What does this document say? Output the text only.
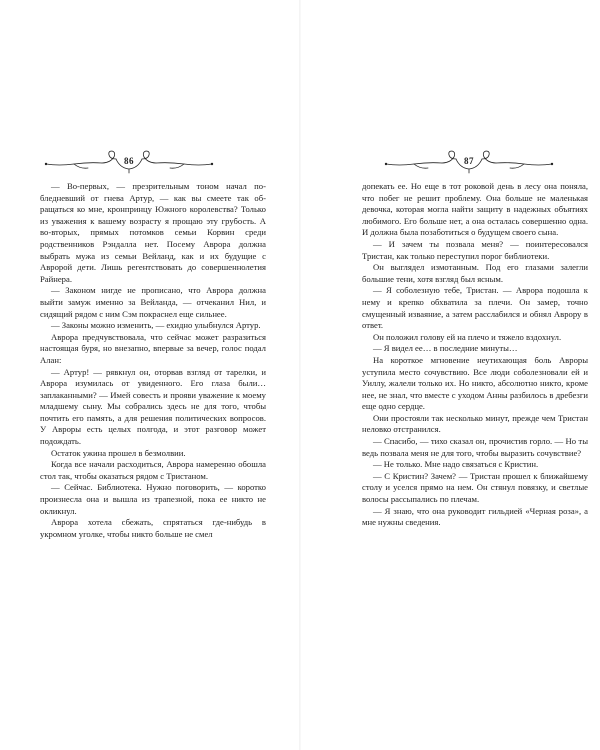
86

— Во-первых, — презрительным тоном начал побледневший от гнева Артур, — как вы смеете так обращаться ко мне, кронпринцу Южного королевства? Только из уважения к вашему возрасту я прощаю эту грубость. А во-вторых, прямых потомков семьи Корвин среди родственников Рэндалла нет. Посему Аврора должна выбрать мужа из семьи Вейланд, как и их будущие с Авророй дети. Лишь регентствовать до совершеннолетия Райнера.

— Законом нигде не прописано, что Аврора должна выйти замуж именно за Вейланда, — отчеканил Нил, и сидящий рядом с ним Сэм покраснел еще сильнее.

— Законы можно изменить, — ехидно улыбнулся Артур.

Аврора предчувствовала, что сейчас может разразиться настоящая буря, но внезапно, впервые за вечер, голос подал Алан:

— Артур! — рявкнул он, оторвав взгляд от тарелки, и Аврора изумилась от увиденного. Его глаза были… заплаканными? — Имей совесть и прояви уважение к моему младшему сыну. Мы собрались здесь не для того, чтобы почтить его память, а для решения политических вопросов. У Авроры есть целых полгода, и этот разговор может подождать.

Остаток ужина прошел в безмолвии.

Когда все начали расходиться, Аврора намеренно обошла стол так, чтобы оказаться рядом с Тристаном.

— Сейчас. Библиотека. Нужно поговорить, — коротко произнесла она и вышла из трапезной, пока ее никто не окликнул.

Аврора хотела сбежать, спрятаться где-нибудь в укромном уголке, чтобы никто больше не смел

87

допекать ее. Но еще в тот роковой день в лесу она поняла, что побег не решит проблему. Она больше не маленькая девочка, которая могла найти защиту в надежных объятиях любимого. Его больше нет, а она осталась совершенно одна. И должна была позаботиться о будущем своего сына.

— И зачем ты позвала меня? — поинтересовался Тристан, как только переступил порог библиотеки.

Он выглядел измотанным. Под его глазами залегли большие тени, хотя взгляд был ясным.

— Я соболезную тебе, Тристан. — Аврора подошла к нему и крепко обхватила за плечи. Он замер, точно смущенный изваяние, а затем расслабился и обнял Аврору в ответ.

Он положил голову ей на плечо и тяжело вздохнул.

— Я видел ее… в последние минуты…

На короткое мгновение неутихающая боль Авроры уступила место сочувствию. Все люди соболезновали ей и Уиллу, жалели только их. Но никто, абсолютно никто, кроме нее, не знал, что вместе с уходом Анны разбилось в дребезги еще одно сердце.

Они простояли так несколько минут, прежде чем Тристан неловко отстранился.

— Спасибо, — тихо сказал он, прочистив горло. — Но ты ведь позвала меня не для того, чтобы выразить сочувствие?

— Не только. Мне надо связаться с Кристин.

— С Кристин? Зачем? — Тристан прошел к ближайшему столу и уселся прямо на нем. Он стянул повязку, и светлые волосы рассыпались по плечам.

— Я знаю, что она руководит гильдией «Черная роза», а мне нужны сведения.
